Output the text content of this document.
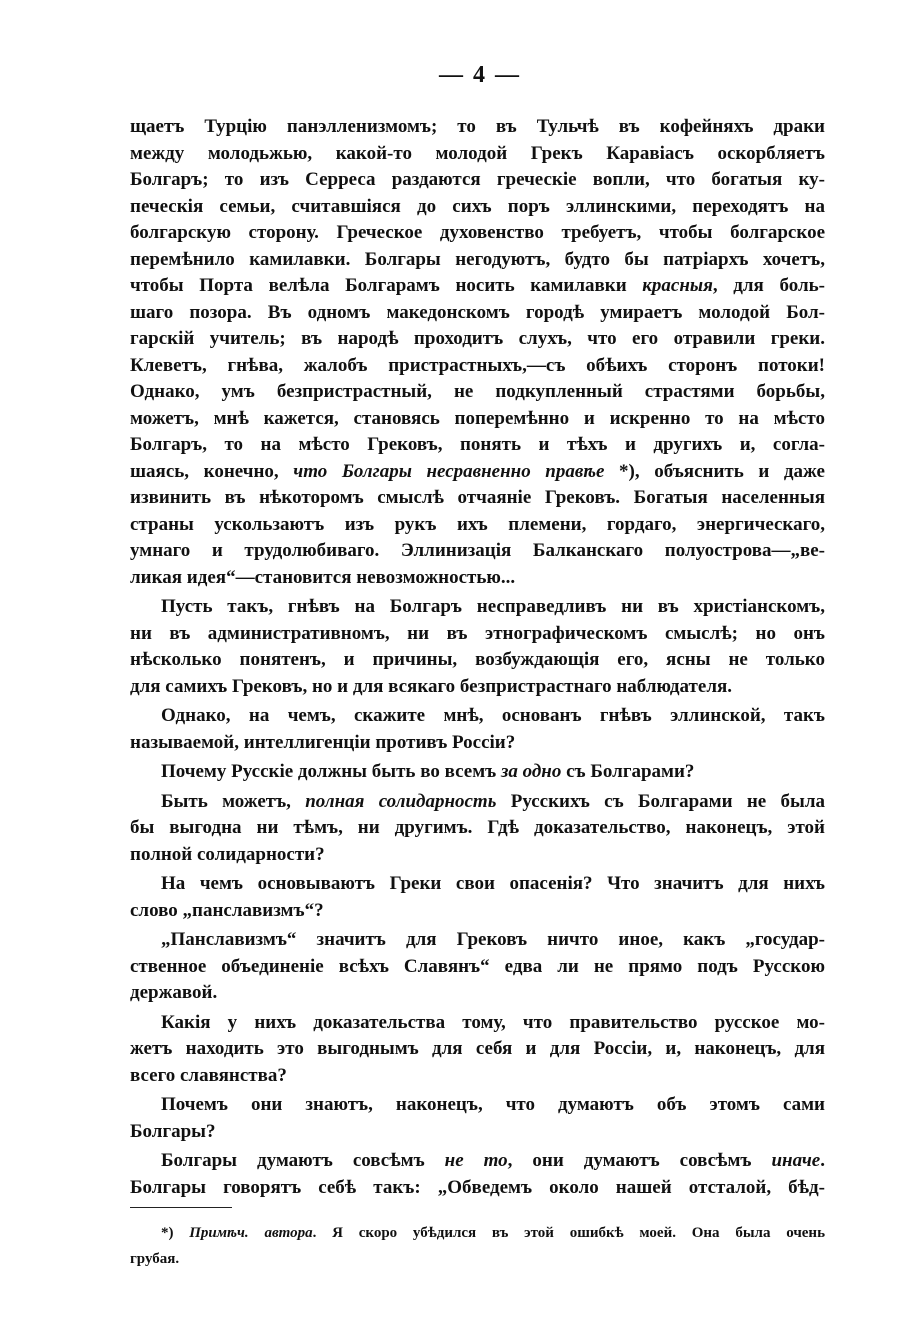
— 4 —
щаетъ Турцію панэлленизмомъ; то въ Тульчѣ въ кофейняхъ драки
между молодьжью, какой-то молодой Грекъ Каравіасъ оскорбляетъ
Болгаръ; то изъ Серреса раздаются греческіе вопли, что богатыя ку-
печескія семьи, считавшіяся до сихъ поръ эллинскими, переходятъ на
болгарскую сторону. Греческое духовенство требуетъ, чтобы болгарское
перемѣнило камилавки. Болгары негодуютъ, будто бы патріархъ хочетъ,
чтобы Порта велѣла Болгарамъ носить камилавки красныя, для боль-
шаго позора. Въ одномъ македонскомъ городѣ умираетъ молодой Бол-
гарскій учитель; въ народѣ проходитъ слухъ, что его отравили греки.
Клеветъ, гнѣва, жалобъ пристрастныхъ,—съ обѣихъ сторонъ потоки!
Однако, умъ безпристрастный, не подкупленный страстями борьбы,
можетъ, мнѣ кажется, становясь поперемѣнно и искренно то на мѣсто
Болгаръ, то на мѣсто Грековъ, понять и тѣхъ и другихъ и, согла-
шаясь, конечно, что Болгары несравненно правѣе *), объяснить и даже
извинить въ нѣкоторомъ смыслѣ отчаяніе Грековъ. Богатыя населенныя
страны ускользаютъ изъ рукъ ихъ племени, гордаго, энергическаго,
умнаго и трудолюбиваго. Эллинизація Балканскаго полуострова—„ве-
ликая идея“—становится невозможностью...
Пусть такъ, гнѣвъ на Болгаръ несправедливъ ни въ христіанскомъ,
ни въ административномъ, ни въ этнографическомъ смыслѣ; но онъ
нѣсколько понятенъ, и причины, возбуждающія его, ясны не только
для самихъ Грековъ, но и для всякаго безпристрастнаго наблюдателя.
Однако, на чемъ, скажите мнѣ, основанъ гнѣвъ эллинской, такъ
называемой, интеллигенціи противъ Россіи?
Почему Русскіе должны быть во всемъ за одно съ Болгарами?
Быть можетъ, полная солидарность Русскихъ съ Болгарами не была
бы выгодна ни тѣмъ, ни другимъ. Гдѣ доказательство, наконецъ, этой
полной солидарности?
На чемъ основываютъ Греки свои опасенія? Что значитъ для нихъ
слово „панславизмъ“?
„Панславизмъ“ значитъ для Грековъ ничто иное, какъ „государ-
ственное объединеніе всѣхъ Славянъ“ едва ли не прямо подъ Русскою
державой.
Какія у нихъ доказательства тому, что правительство русское мо-
жетъ находить это выгоднымъ для себя и для Россіи, и, наконецъ, для
всего славянства?
Почемъ они знаютъ, наконецъ, что думаютъ объ этомъ сами
Болгары?
Болгары думаютъ совсѣмъ не то, они думаютъ совсѣмъ иначе.
Болгары говорятъ себѣ такъ: „Обведемъ около нашей отсталой, бѣд-
*) Примѣч. автора. Я скоро убѣдился въ этой ошибкѣ моей. Она была очень
грубая.
